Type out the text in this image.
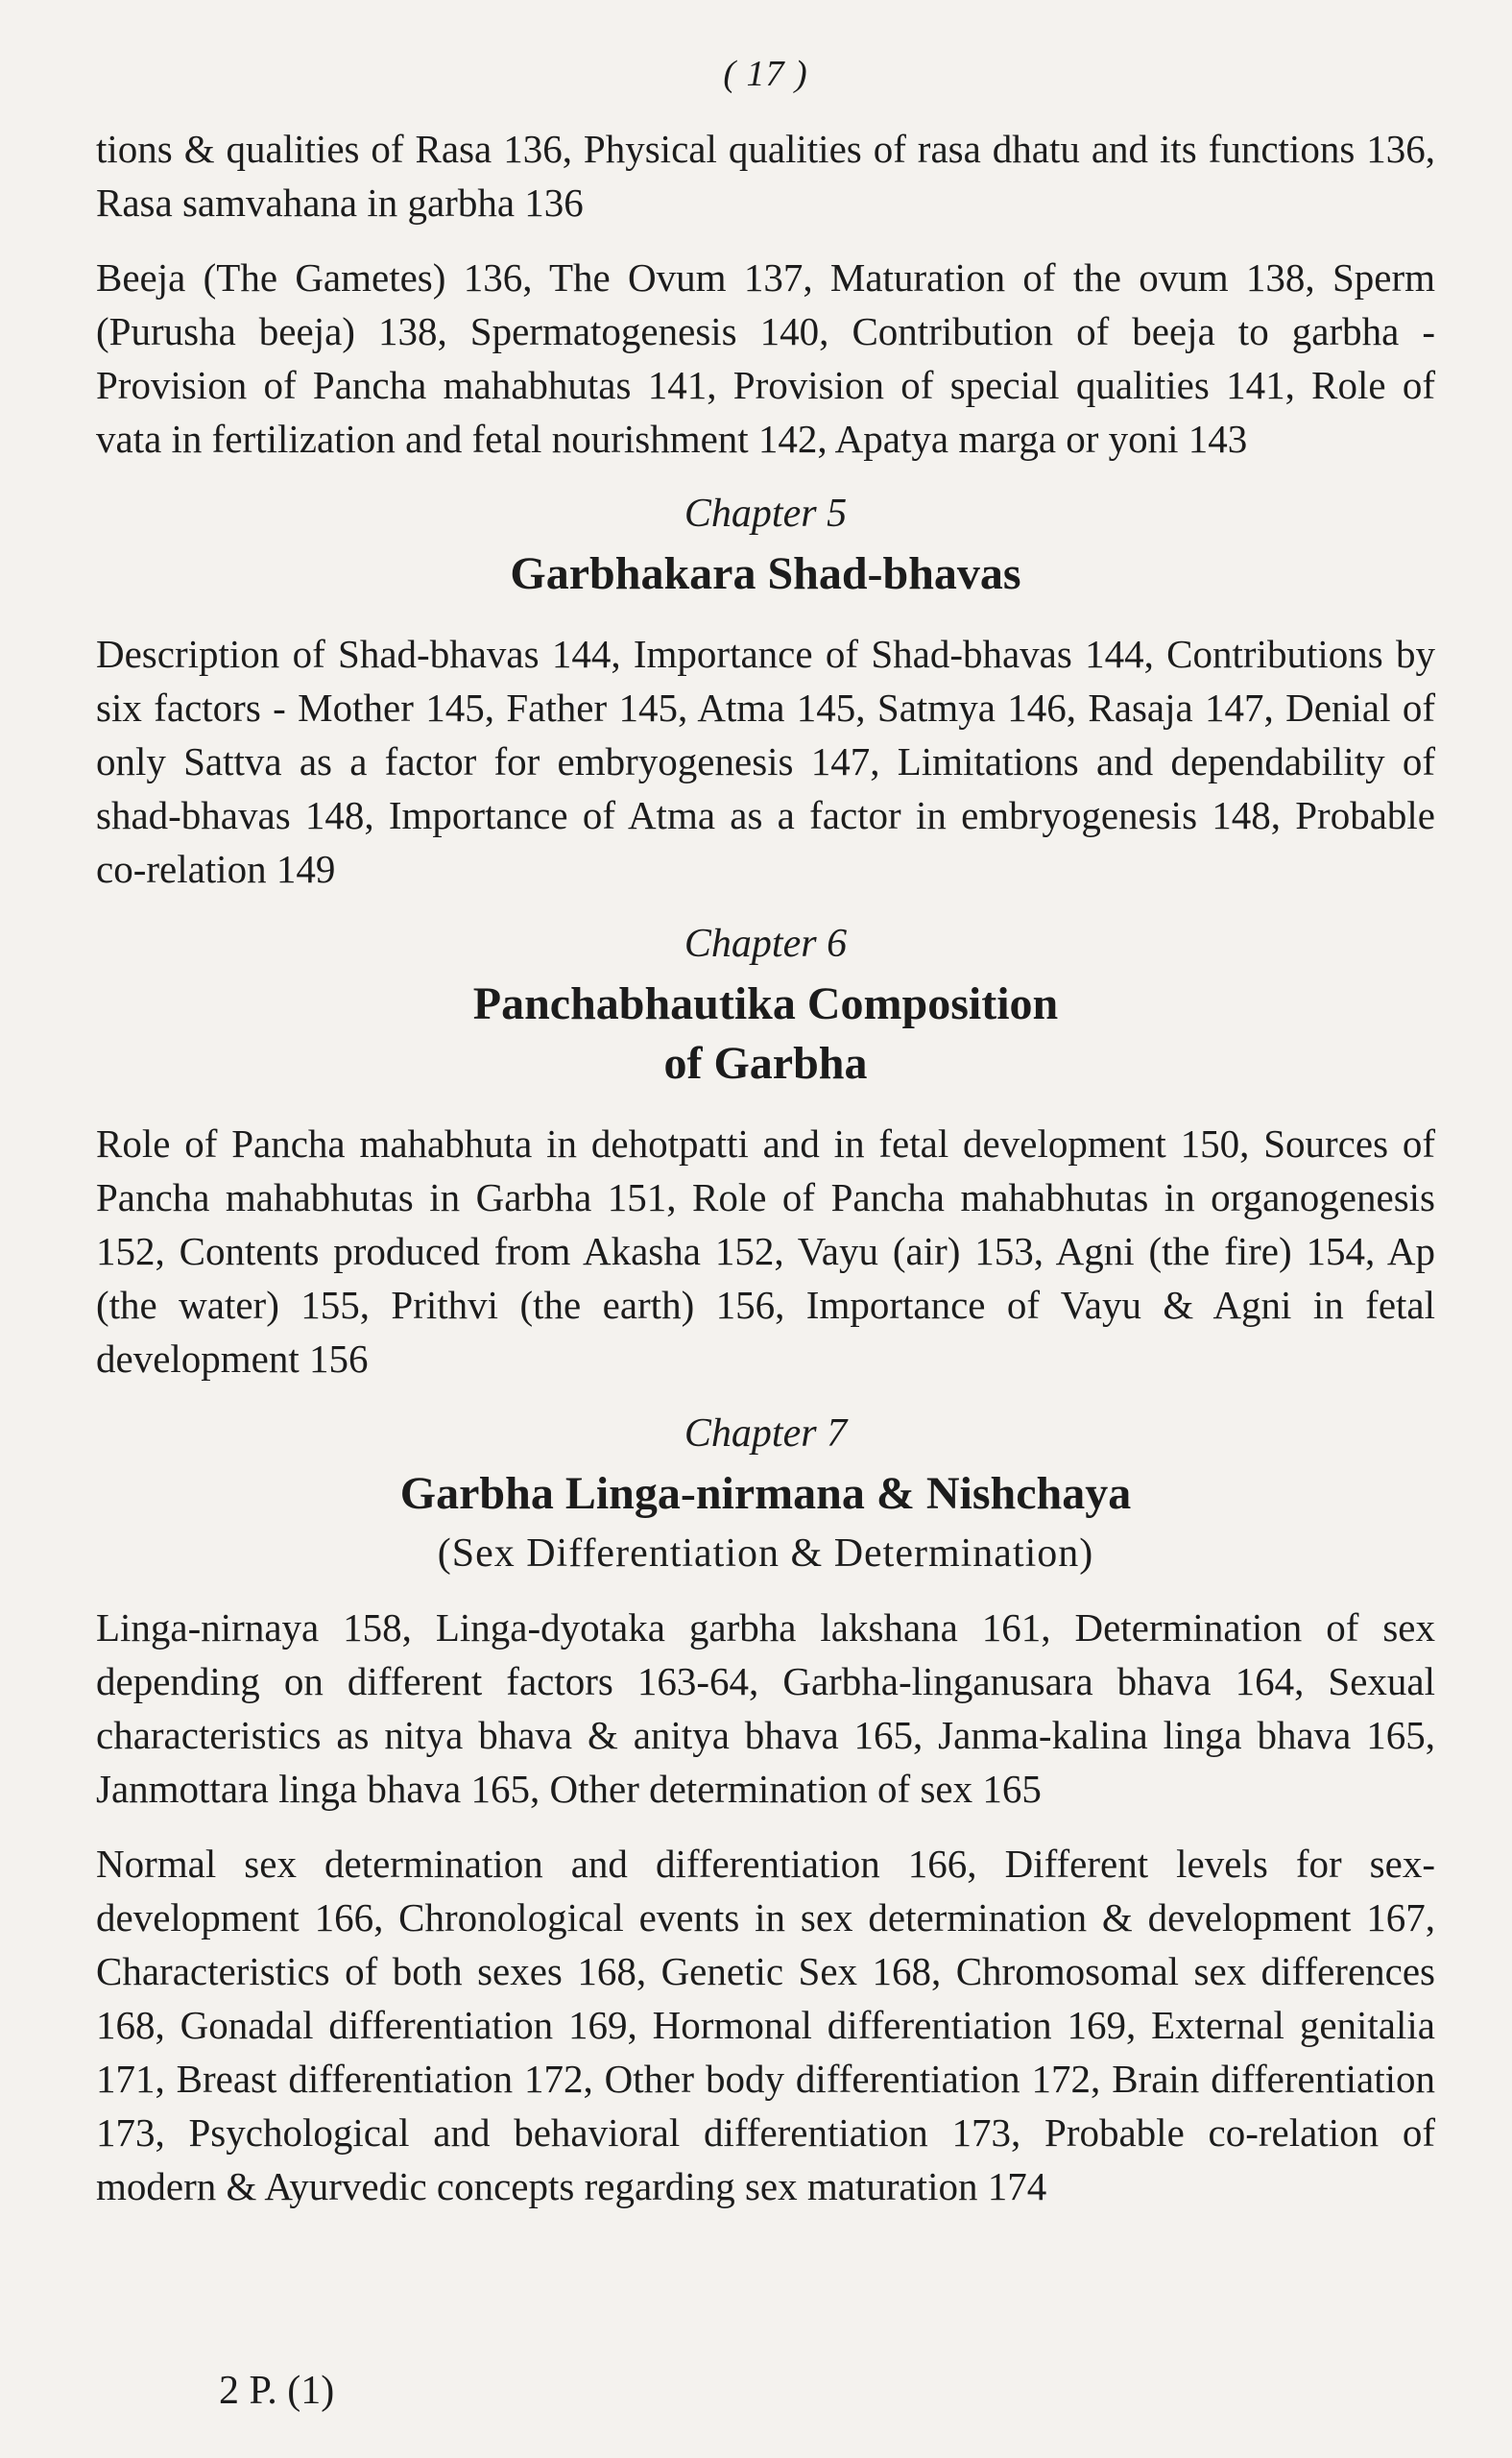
( 17 )

tions & qualities of Rasa 136, Physical qualities of rasa dhatu and its functions 136, Rasa samvahana in garbha 136

Beeja (The Gametes) 136, The Ovum 137, Maturation of the ovum 138, Sperm (Purusha beeja) 138, Spermatogenesis 140, Contribution of beeja to garbha - Provision of Pancha mahabhutas 141, Provision of special qualities 141, Role of vata in fertilization and fetal nourishment 142, Apatya marga or yoni 143

Chapter 5
Garbhakara Shad-bhavas

Description of Shad-bhavas 144, Importance of Shad-bhavas 144, Contributions by six factors - Mother 145, Father 145, Atma 145, Satmya 146, Rasaja 147, Denial of only Sattva as a factor for embryogenesis 147, Limitations and dependability of shad-bhavas 148, Importance of Atma as a factor in embryogenesis 148, Probable co-relation 149

Chapter 6
Panchabhautika Composition
of Garbha

Role of Pancha mahabhuta in dehotpatti and in fetal development 150, Sources of Pancha mahabhutas in Garbha 151, Role of Pancha mahabhutas in organogenesis 152, Contents produced from Akasha 152, Vayu (air) 153, Agni (the fire) 154, Ap (the water) 155, Prithvi (the earth) 156, Importance of Vayu & Agni in fetal development 156

Chapter 7
Garbha Linga-nirmana & Nishchaya
(Sex Differentiation & Determination)

Linga-nirnaya 158, Linga-dyotaka garbha lakshana 161, Determination of sex depending on different factors 163-64, Garbha-linganusara bhava 164, Sexual characteristics as nitya bhava & anitya bhava 165, Janma-kalina linga bhava 165, Janmottara linga bhava 165, Other determination of sex 165

Normal sex determination and differentiation 166, Different levels for sex-development 166, Chronological events in sex determination & development 167, Characteristics of both sexes 168, Genetic Sex 168, Chromosomal sex differences 168, Gonadal differentiation 169, Hormonal differentiation 169, External genitalia 171, Breast differentiation 172, Other body differentiation 172, Brain differentiation 173, Psychological and behavioral differentiation 173, Probable co-relation of modern & Ayurvedic concepts regarding sex maturation 174

2 P. (1)
